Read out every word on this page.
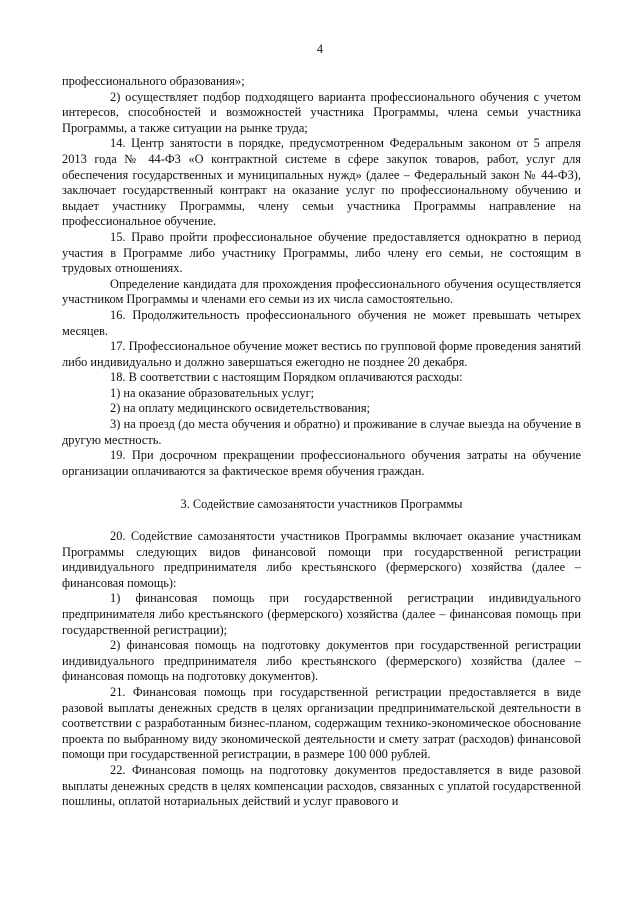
4

профессионального образования»;

2) осуществляет подбор подходящего варианта профессионального обучения с учетом интересов, способностей и возможностей участника Программы, члена семьи участника Программы, а также ситуации на рынке труда;

14. Центр занятости в порядке, предусмотренном Федеральным законом от 5 апреля 2013 года № 44-ФЗ «О контрактной системе в сфере закупок товаров, работ, услуг для обеспечения государственных и муниципальных нужд» (далее – Федеральный закон № 44-ФЗ), заключает государственный контракт на оказание услуг по профессиональному обучению и выдает участнику Программы, члену семьи участника Программы направление на профессиональное обучение.

15. Право пройти профессиональное обучение предоставляется однократно в период участия в Программе либо участнику Программы, либо члену его семьи, не состоящим в трудовых отношениях.

Определение кандидата для прохождения профессионального обучения осуществляется участником Программы и членами его семьи из их числа самостоятельно.

16. Продолжительность профессионального обучения не может превышать четырех месяцев.

17. Профессиональное обучение может вестись по групповой форме проведения занятий либо индивидуально и должно завершаться ежегодно не позднее 20 декабря.

18. В соответствии с настоящим Порядком оплачиваются расходы:

1) на оказание образовательных услуг;

2) на оплату медицинского освидетельствования;

3) на проезд (до места обучения и обратно) и проживание в случае выезда на обучение в другую местность.

19. При досрочном прекращении профессионального обучения затраты на обучение организации оплачиваются за фактическое время обучения граждан.

3. Содействие самозанятости участников Программы

20. Содействие самозанятости участников Программы включает оказание участникам Программы следующих видов финансовой помощи при государственной регистрации индивидуального предпринимателя либо крестьянского (фермерского) хозяйства (далее – финансовая помощь):

1) финансовая помощь при государственной регистрации индивидуального предпринимателя либо крестьянского (фермерского) хозяйства (далее – финансовая помощь при государственной регистрации);

2) финансовая помощь на подготовку документов при государственной регистрации индивидуального предпринимателя либо крестьянского (фермерского) хозяйства (далее – финансовая помощь на подготовку документов).

21. Финансовая помощь при государственной регистрации предоставляется в виде разовой выплаты денежных средств в целях организации предпринимательской деятельности в соответствии с разработанным бизнес-планом, содержащим технико-экономическое обоснование проекта по выбранному виду экономической деятельности и смету затрат (расходов) финансовой помощи при государственной регистрации, в размере 100 000 рублей.

22. Финансовая помощь на подготовку документов предоставляется в виде разовой выплаты денежных средств в целях компенсации расходов, связанных с уплатой государственной пошлины, оплатой нотариальных действий и услуг правового и
